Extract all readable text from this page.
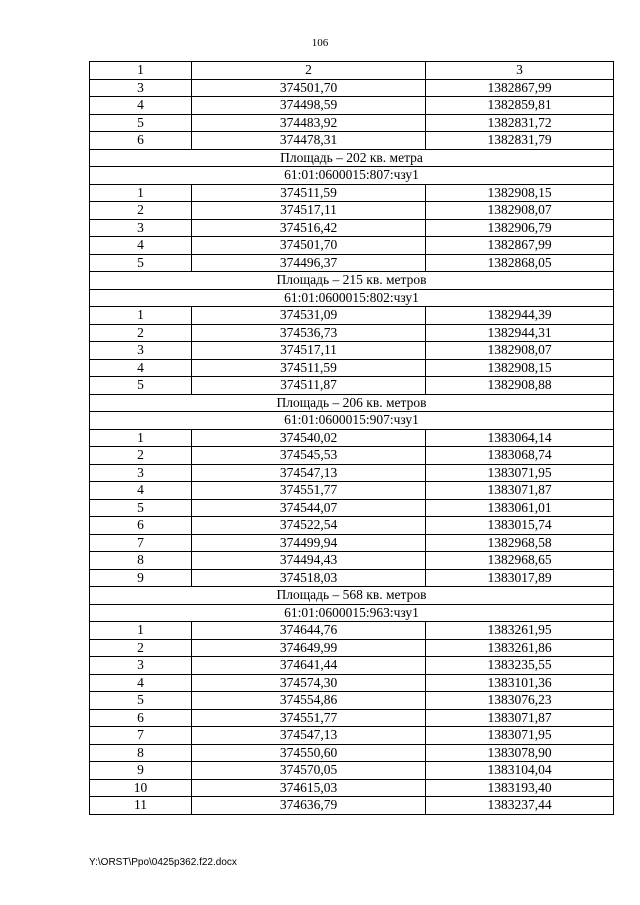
106
1	2	3
3	374501,70	1382867,99
4	374498,59	1382859,81
5	374483,92	1382831,72
6	374478,31	1382831,79
Площадь – 202 кв. метра		
61:01:0600015:807:чзу1		
1	374511,59	1382908,15
2	374517,11	1382908,07
3	374516,42	1382906,79
4	374501,70	1382867,99
5	374496,37	1382868,05
Площадь – 215 кв. метров		
61:01:0600015:802:чзу1		
1	374531,09	1382944,39
2	374536,73	1382944,31
3	374517,11	1382908,07
4	374511,59	1382908,15
5	374511,87	1382908,88
Площадь – 206 кв. метров		
61:01:0600015:907:чзу1		
1	374540,02	1383064,14
2	374545,53	1383068,74
3	374547,13	1383071,95
4	374551,77	1383071,87
5	374544,07	1383061,01
6	374522,54	1383015,74
7	374499,94	1382968,58
8	374494,43	1382968,65
9	374518,03	1383017,89
Площадь – 568 кв. метров		
61:01:0600015:963:чзу1		
1	374644,76	1383261,95
2	374649,99	1383261,86
3	374641,44	1383235,55
4	374574,30	1383101,36
5	374554,86	1383076,23
6	374551,77	1383071,87
7	374547,13	1383071,95
8	374550,60	1383078,90
9	374570,05	1383104,04
10	374615,03	1383193,40
11	374636,79	1383237,44
Y:\ORST\Ppo\0425p362.f22.docx
